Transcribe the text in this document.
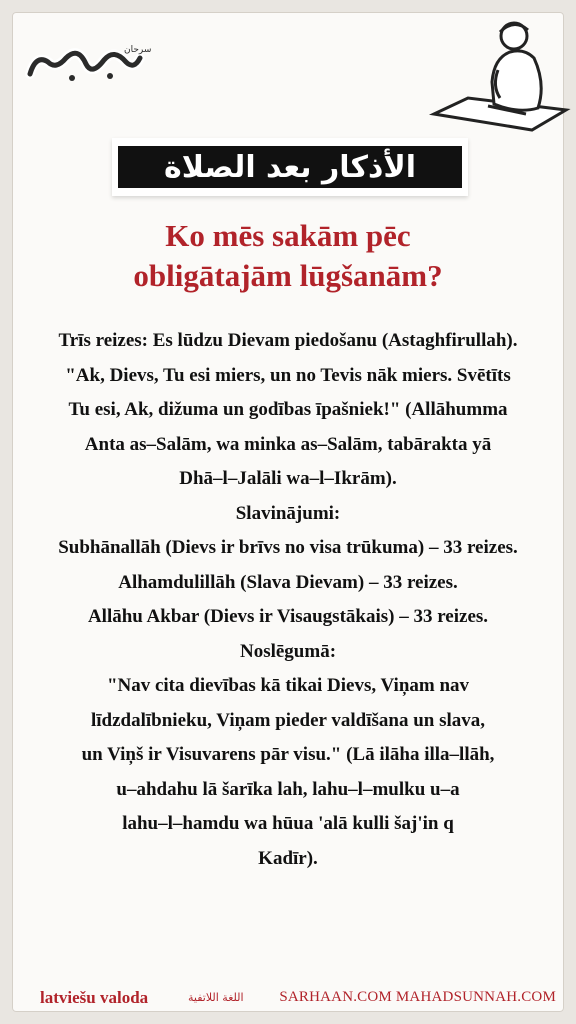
سرحان
الأذكار بعد الصلاة
Ko mēs sakām pēc
obligātajām lūgšanām?
Trīs reizes: Es lūdzu Dievam piedošanu (Astaghfirullah).
"Ak, Dievs, Tu esi miers, un no Tevis nāk miers. Svētīts
Tu esi, Ak, dižuma un godības īpašniek!" (Allāhumma
Anta as–Salām, wa minka as–Salām, tabārakta yā
Dhā–l–Jalāli wa–l–Ikrām).
Slavinājumi:
Subhānallāh (Dievs ir brīvs no visa trūkuma) – 33 reizes.
Alhamdulillāh (Slava Dievam) – 33 reizes.
Allāhu Akbar (Dievs ir Visaugstākais) – 33 reizes.
Noslēgumā:
"Nav cita dievības kā tikai Dievs, Viņam nav
līdzdalībnieku, Viņam pieder valdīšana un slava,
un Viņš ir Visuvarens pār visu." (Lā ilāha illa–llāh,
u–ahdahu lā šarīka lah, lahu–l–mulku u–a
lahu–l–hamdu wa hūua 'alā kulli šaj'in q
Kadīr).
latviešu valoda	اللغة اللاتفية SARHAAN.COM MAHADSUNNAH.COM
